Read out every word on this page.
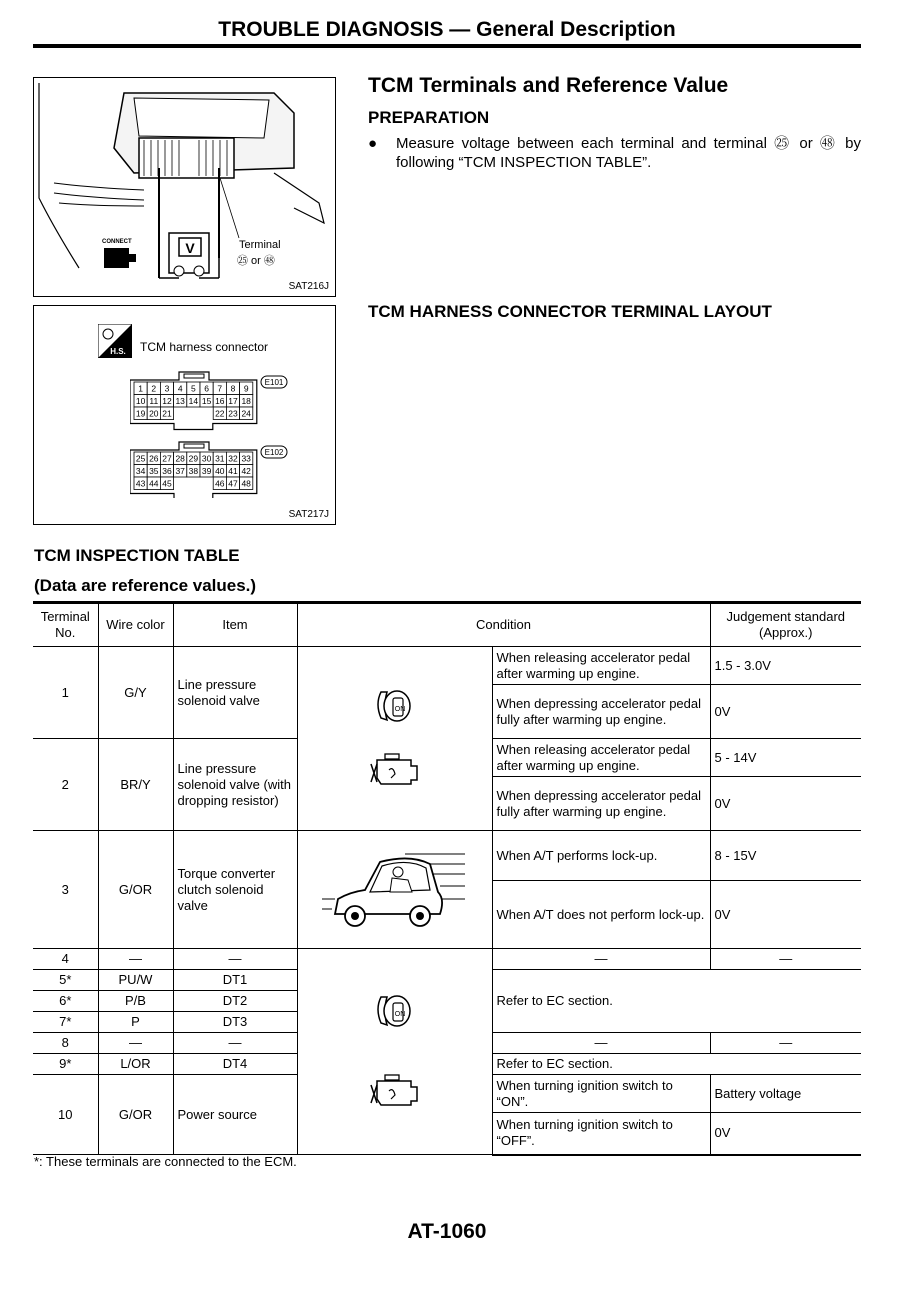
TROUBLE DIAGNOSIS — General Description
V	Terminal
㉕ or ㊽
CONNECT
SAT216J
H.S. TCM harness connector
1 2 3 4 5 6 7 8 9
10 11 12 13 14 15 16 17 18
19 20 21	22 23 24
25 26 27 28 29 30 31 32 33
34 35 36 37 38 39 40 41 42
43 44 45	46 47 48
E101
E102
SAT217J
TCM Terminals and Reference Value
PREPARATION
● Measure voltage between each terminal and terminal ㉕ or ㊽ by following “TCM INSPECTION TABLE”.
TCM HARNESS CONNECTOR TERMINAL LAYOUT
TCM INSPECTION TABLE
(Data are reference values.)
Terminal No.	Wire color	Item	Condition		Judgement standard (Approx.)
1	G/Y	Line pressure solenoid valve	ON	When releasing accelerator pedal after warming up engine.	1.5 - 3.0V
				When depressing accelerator pedal fully after warming up engine.	0V
2	BR/Y	Line pressure solenoid valve (with dropping resistor)		When releasing accelerator pedal after warming up engine.	5 - 14V
				When depressing accelerator pedal fully after warming up engine.	0V
3	G/OR	Torque converter clutch solenoid valve		When A/T performs lock-up.	8 - 15V
				When A/T does not perform lock-up.	0V
4	—	—	ON	—	—
5*	PU/W	DT1		Refer to EC section.	
6*	P/B	DT2			
7*	P	DT3			
8	—	—		—	—
9*	L/OR	DT4		Refer to EC section.	
10	G/OR	Power source		When turning ignition switch to “ON”.	Battery voltage
				When turning ignition switch to “OFF”.	0V
*: These terminals are connected to the ECM.
AT-1060
